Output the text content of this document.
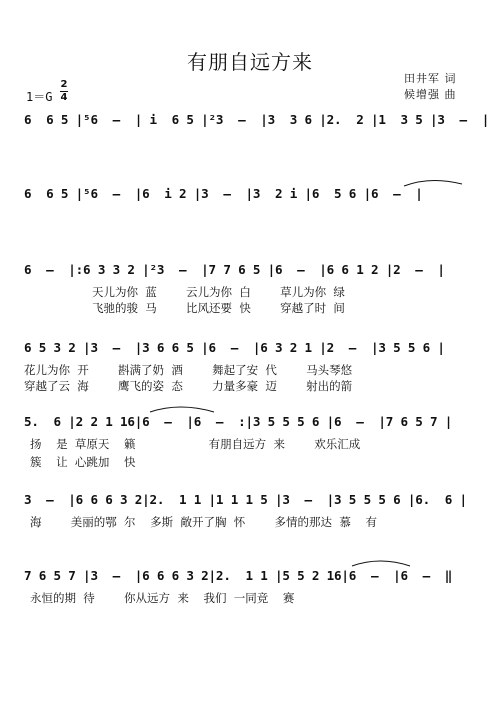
有朋自远方来
田井军 词
候增强 曲
1＝G
2
4
6  6 5 |⁵6  –  | i  6 5 |²3  –  |3  3 6 |2.  2 |1  3 5 |3  –  |
6  6 5 |⁵6  –  |6  i 2 |3  –  |3  2 i |6  5 6 |6  –  |
6  –  |:6 3 3 2 |²3  –  |7 7 6 5 |6  –  |6 6 1 2 |2  –  |
天儿为你  蓝        云儿为你  白        草儿为你  绿
飞驰的骏  马        比风还要  快        穿越了时  间
6 5 3 2 |3  –  |3 6 6 5 |6  –  |6 3 2 1 |2  –  |3 5 5 6 |
花儿为你  开        斟满了奶  酒        舞起了安  代        马头琴悠
穿越了云  海        鹰飞的姿  态        力量多豪  迈        射出的箭
5.  6 |2 2 1 16|6  –  |6  –  :|3 5 5 5 6 |6  –  |7 6 5 7 |
扬    是  草原天    籁                    有朋自远方  来        欢乐汇成
簇    让  心跳加    快
3  –  |6 6 6 3 2|2.  1 1 |1 1 1 5 |3  –  |3 5 5 5 6 |6.  6 |
海        美丽的鄂  尔    多斯  敞开了胸  怀        多情的那达  慕    有
7 6 5 7 |3  –  |6 6 6 3 2|2.  1 1 |5 5 2 16|6  –  |6  –  ‖
永恒的期  待        你从远方  来    我们  一同竞    赛
